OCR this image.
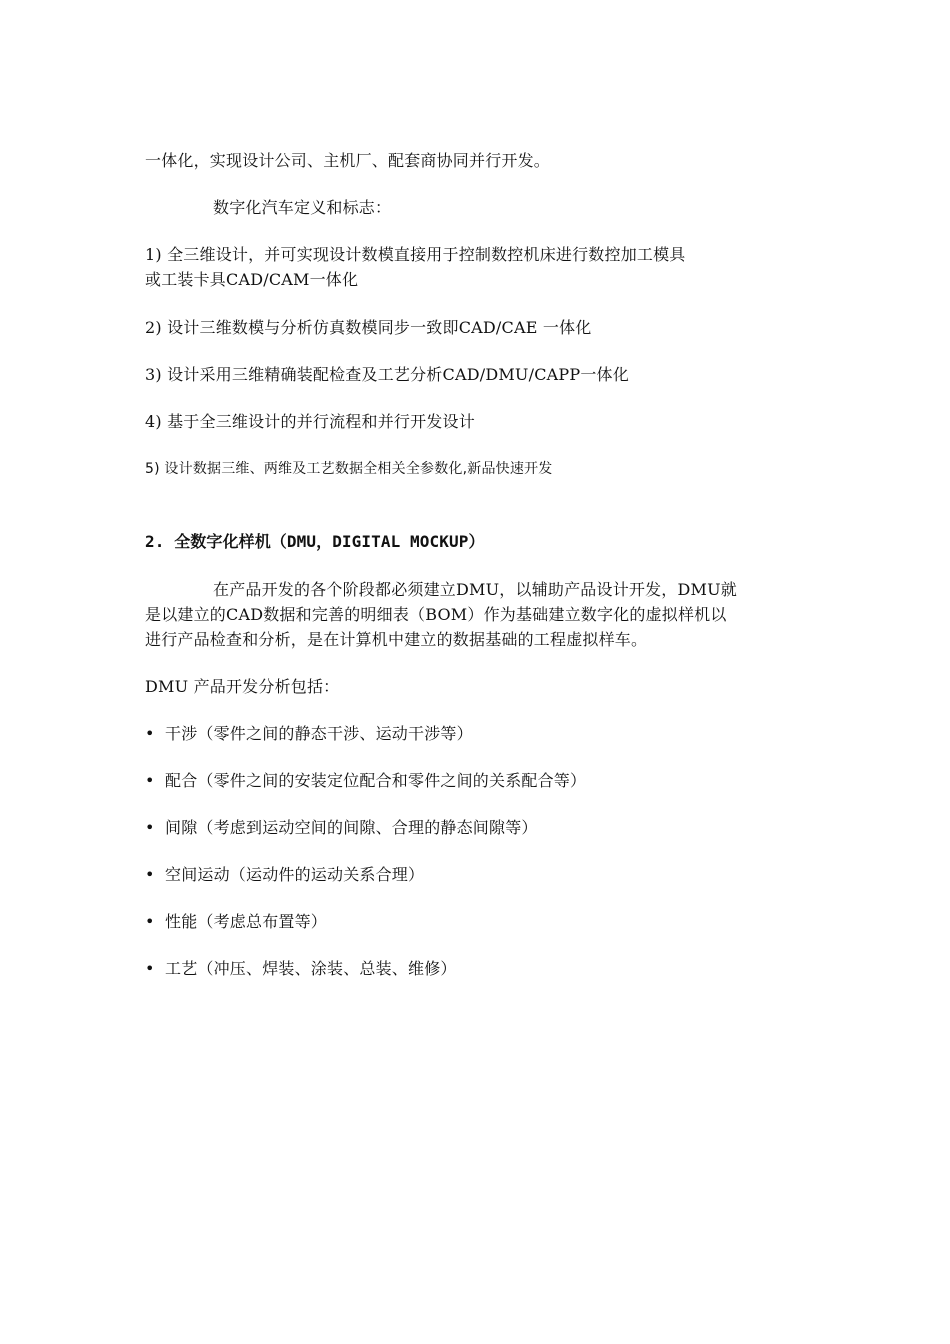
一体化，实现设计公司、主机厂、配套商协同并行开发。
数字化汽车定义和标志：
1) 全三维设计，并可实现设计数模直接用于控制数控机床进行数控加工模具
或工装卡具CAD/CAM一体化
2) 设计三维数模与分析仿真数模同步一致即CAD/CAE 一体化
3) 设计采用三维精确装配检查及工艺分析CAD/DMU/CAPP一体化
4) 基于全三维设计的并行流程和并行开发设计
5) 设计数据三维、两维及工艺数据全相关全参数化,新品快速开发
2. 全数字化样机（DMU，DIGITAL MOCKUP）
在产品开发的各个阶段都必须建立DMU，以辅助产品设计开发，DMU就
是以建立的CAD数据和完善的明细表（BOM）作为基础建立数字化的虚拟样机以
进行产品检查和分析，是在计算机中建立的数据基础的工程虚拟样车。
DMU 产品开发分析包括：
• 干涉（零件之间的静态干涉、运动干涉等）
• 配合（零件之间的安装定位配合和零件之间的关系配合等）
• 间隙（考虑到运动空间的间隙、合理的静态间隙等）
• 空间运动（运动件的运动关系合理）
• 性能（考虑总布置等）
• 工艺（冲压、焊装、涂装、总装、维修）
